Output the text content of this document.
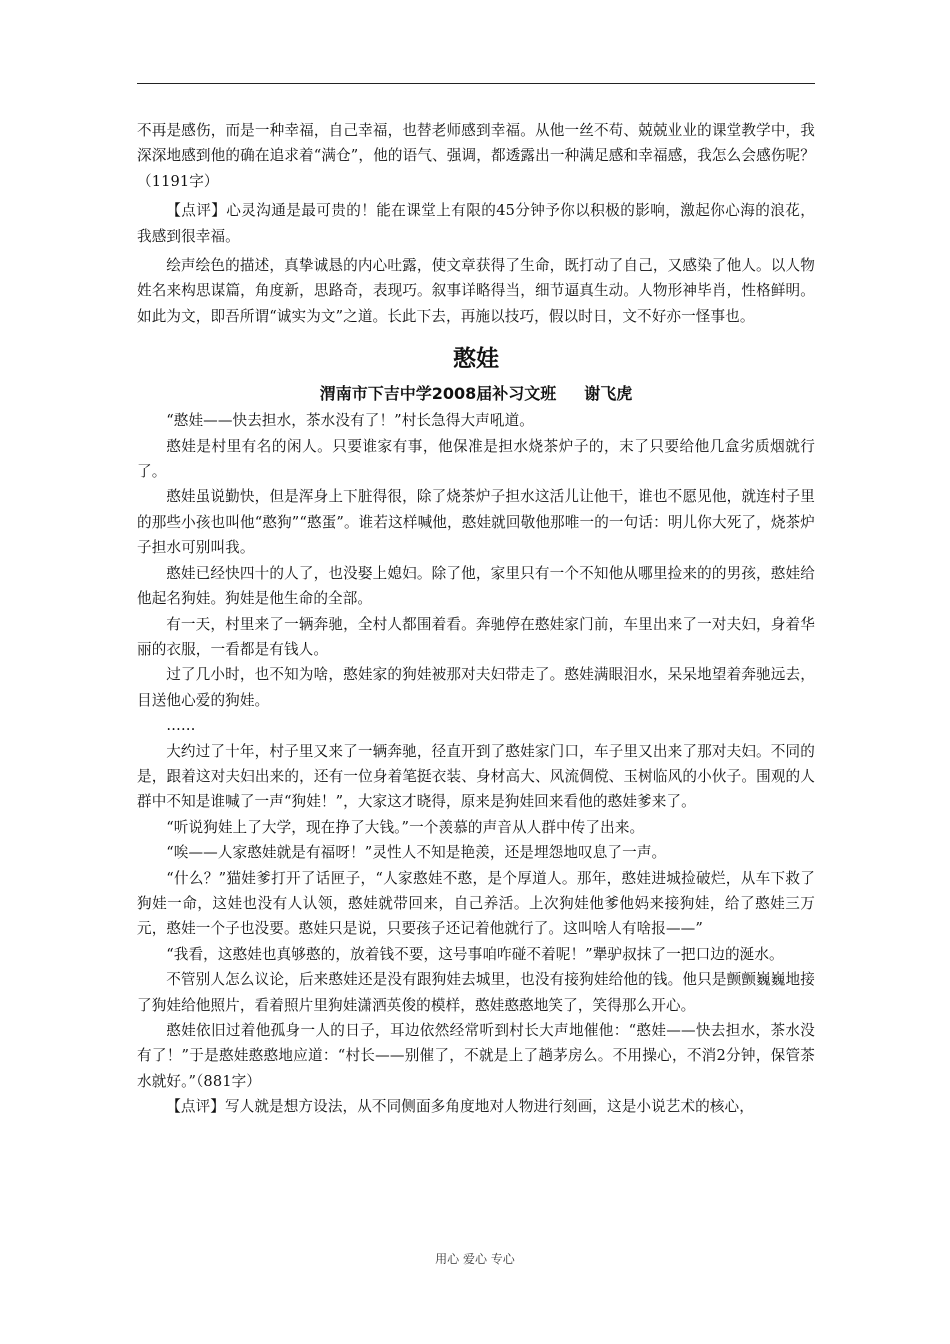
不再是感伤，而是一种幸福，自己幸福，也替老师感到幸福。从他一丝不苟、兢兢业业的课堂教学中，我深深地感到他的确在追求着“满仓”，他的语气、强调，都透露出一种满足感和幸福感，我怎么会感伤呢？（1191字）

【点评】心灵沟通是最可贵的！能在课堂上有限的45分钟予你以积极的影响，激起你心海的浪花，我感到很幸福。

绘声绘色的描述，真挚诚恳的内心吐露，使文章获得了生命，既打动了自己，又感染了他人。以人物姓名来构思谋篇，角度新，思路奇，表现巧。叙事详略得当，细节逼真生动。人物形神毕肖，性格鲜明。如此为文，即吾所谓“诚实为文”之道。长此下去，再施以技巧，假以时日，文不好亦一怪事也。

憨娃
渭南市下吉中学2008届补习文班 谢飞虎

“憨娃——快去担水，茶水没有了！”村长急得大声吼道。

憨娃是村里有名的闲人。只要谁家有事，他保准是担水烧茶炉子的，末了只要给他几盒劣质烟就行了。

憨娃虽说勤快，但是浑身上下脏得很，除了烧茶炉子担水这活儿让他干，谁也不愿见他，就连村子里的那些小孩也叫他“憨狗”“憨蛋”。谁若这样喊他，憨娃就回敬他那唯一的一句话：明儿你大死了，烧茶炉子担水可别叫我。

憨娃已经快四十的人了，也没娶上媳妇。除了他，家里只有一个不知他从哪里捡来的的男孩，憨娃给他起名狗娃。狗娃是他生命的全部。

有一天，村里来了一辆奔驰，全村人都围着看。奔驰停在憨娃家门前，车里出来了一对夫妇，身着华丽的衣服，一看都是有钱人。

过了几小时，也不知为啥，憨娃家的狗娃被那对夫妇带走了。憨娃满眼泪水，呆呆地望着奔驰远去，目送他心爱的狗娃。

……

大约过了十年，村子里又来了一辆奔驰，径直开到了憨娃家门口，车子里又出来了那对夫妇。不同的是，跟着这对夫妇出来的，还有一位身着笔挺衣装、身材高大、风流倜傥、玉树临风的小伙子。围观的人群中不知是谁喊了一声“狗娃！”，大家这才晓得，原来是狗娃回来看他的憨娃爹来了。

“听说狗娃上了大学，现在挣了大钱。”一个羡慕的声音从人群中传了出来。

“唉——人家憨娃就是有福呀！”灵性人不知是艳羡，还是埋怨地叹息了一声。

“什么？”猫娃爹打开了话匣子，“人家憨娃不憨，是个厚道人。那年，憨娃进城捡破烂，从车下救了狗娃一命，这娃也没有人认领，憨娃就带回来，自己养活。上次狗娃他爹他妈来接狗娃，给了憨娃三万元，憨娃一个子也没要。憨娃只是说，只要孩子还记着他就行了。这叫啥人有啥报——”

“我看，这憨娃也真够憨的，放着钱不要，这号事咱咋碰不着呢！”犟驴叔抹了一把口边的涎水。

不管别人怎么议论，后来憨娃还是没有跟狗娃去城里，也没有接狗娃给他的钱。他只是颤颤巍巍地接了狗娃给他照片，看着照片里狗娃潇洒英俊的模样，憨娃憨憨地笑了，笑得那么开心。

憨娃依旧过着他孤身一人的日子，耳边依然经常听到村长大声地催他：“憨娃——快去担水，茶水没有了！”于是憨娃憨憨地应道：“村长——别催了，不就是上了趟茅房么。不用操心，不消2分钟，保管茶水就好。”（881字）

【点评】写人就是想方设法，从不同侧面多角度地对人物进行刻画，这是小说艺术的核心，

用心 爱心 专心
